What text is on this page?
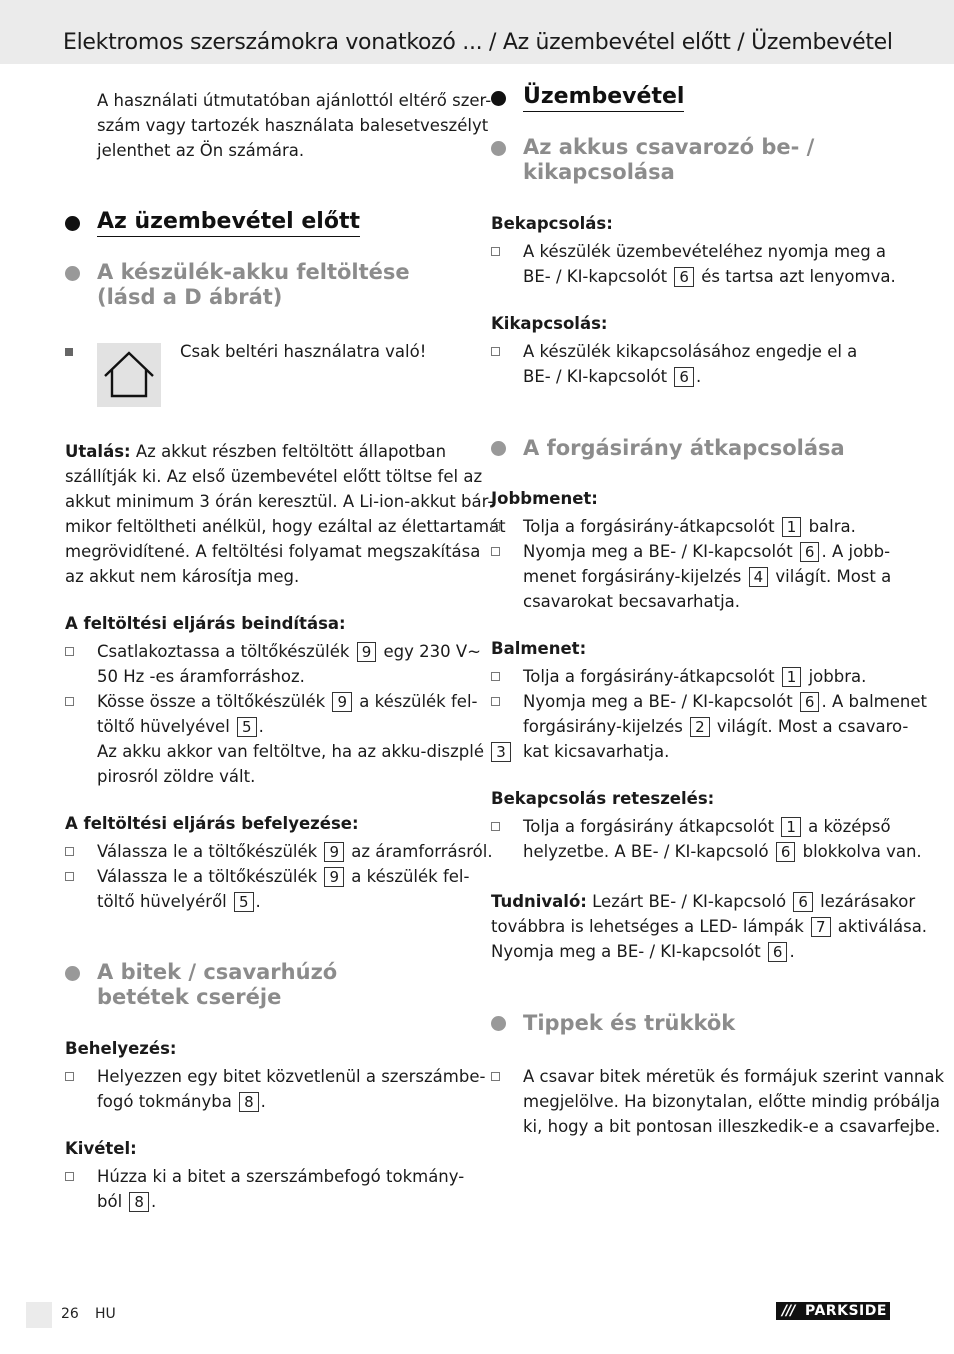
Elektromos szerszámokra vonatkozó ... / Az üzembevétel előtt / Üzembevétel
A használati útmutatóban ajánlottól eltérő szer-
szám vagy tartozék használata balesetveszélyt
jelenthet az Ön számára.
Az üzembevétel előtt
A készülék-akku feltöltése
(lásd a D ábrát)
Csak beltéri használatra való!
Utalás: Az akkut részben feltöltött állapotban
szállítják ki. Az első üzembevétel előtt töltse fel az
akkut minimum 3 órán keresztül. A Li-ion-akkut bár-
mikor feltöltheti anélkül, hogy ezáltal az élettartamát
megrövidítené. A feltöltési folyamat megszakítása
az akkut nem károsítja meg.
A feltöltési eljárás beindítása:
Csatlakoztassa a töltőkészülék 9 egy 230 V~
50 Hz -es áramforráshoz.
Kösse össze a töltőkészülék 9 a készülék fel-
töltő hüvelyével 5 .
Az akku akkor van feltöltve, ha az akku-diszplé 3
pirosról zöldre vált.
A feltöltési eljárás befelyezése:
Válassza le a töltőkészülék 9 az áramforrásról.
Válassza le a töltőkészülék 9 a készülék fel-
töltő hüvelyéről 5 .
A bitek / csavarhúzó
betétek cseréje
Behelyezés:
Helyezzen egy bitet közvetlenül a szerszámbe-
fogó tokmányba 8 .
Kivétel:
Húzza ki a bitet a szerszámbefogó tokmány-
ból 8 .
Üzembevétel
Az akkus csavarozó be- /
kikapcsolása
Bekapcsolás:
A készülék üzembevételéhez nyomja meg a
BE- / KI-kapcsolót 6 és tartsa azt lenyomva.
Kikapcsolás:
A készülék kikapcsolásához engedje el a
BE- / KI-kapcsolót 6 .
A forgásirány átkapcsolása
Jobbmenet:
Tolja a forgásirány-átkapcsolót 1 balra.
Nyomja meg a BE- / KI-kapcsolót 6 . A jobb-
menet forgásirány-kijelzés 4 világít. Most a
csavarokat becsavarhatja.
Balmenet:
Tolja a forgásirány-átkapcsolót 1 jobbra.
Nyomja meg a BE- / KI-kapcsolót 6 . A balmenet
forgásirány-kijelzés 2 világít. Most a csavaro-
kat kicsavarhatja.
Bekapcsolás reteszelés:
Tolja a forgásirány átkapcsolót 1 a középső
helyzetbe. A BE- / KI-kapcsoló 6 blokkolva van.
Tudnivaló: Lezárt BE- / KI-kapcsoló 6 lezárásakor
továbbra is lehetséges a LED- lámpák 7 aktiválása.
Nyomja meg a BE- / KI-kapcsolót 6 .
Tippek és trükkök
A csavar bitek méretük és formájuk szerint vannak
megjelölve. Ha bizonytalan, előtte mindig próbálja
ki, hogy a bit pontosan illeszkedik-e a csavarfejbe.
26 HU	/// PARKSIDE
